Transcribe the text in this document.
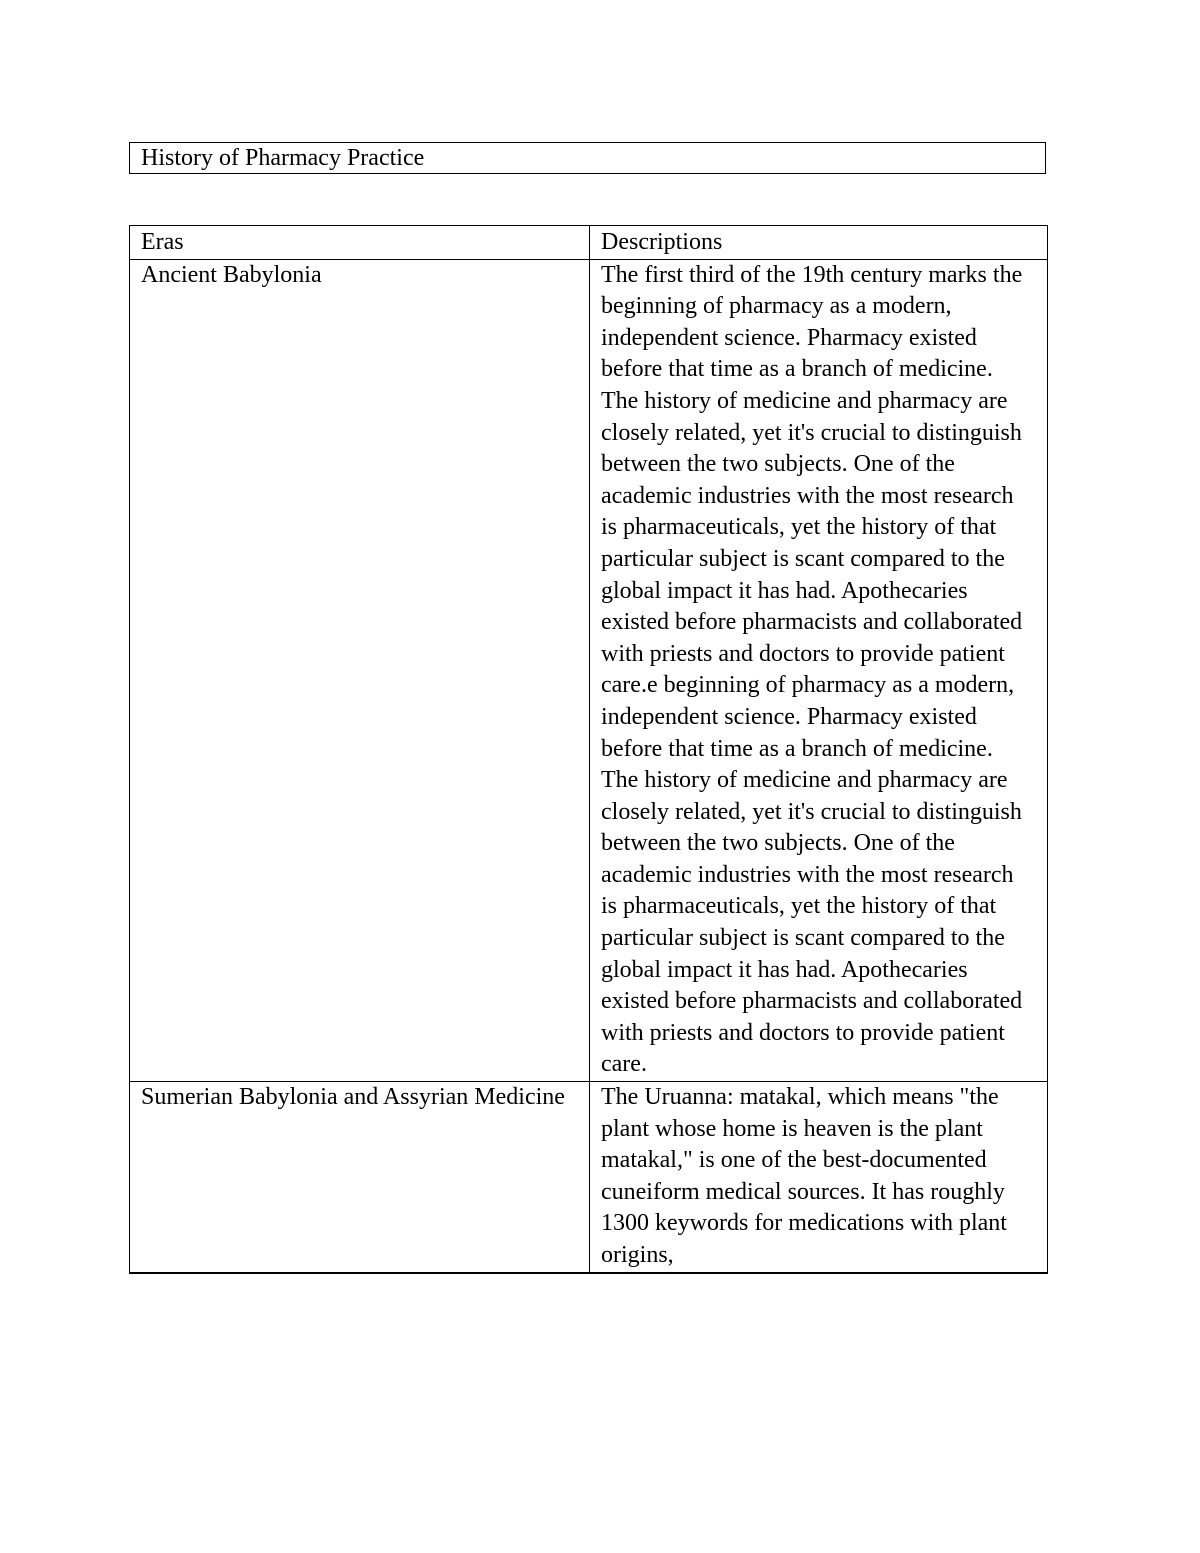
History of Pharmacy Practice
Eras	Descriptions
Ancient Babylonia	The first third of the 19th century marks the beginning of pharmacy as a modern, independent science. Pharmacy existed before that time as a branch of medicine. The history of medicine and pharmacy are closely related, yet it's crucial to distinguish between the two subjects. One of the academic industries with the most research is pharmaceuticals, yet the history of that particular subject is scant compared to the global impact it has had. Apothecaries existed before pharmacists and collaborated with priests and doctors to provide patient care.e beginning of pharmacy as a modern, independent science. Pharmacy existed before that time as a branch of medicine. The history of medicine and pharmacy are closely related, yet it's crucial to distinguish between the two subjects. One of the academic industries with the most research is pharmaceuticals, yet the history of that particular subject is scant compared to the global impact it has had. Apothecaries existed before pharmacists and collaborated with priests and doctors to provide patient care.
Sumerian Babylonia and Assyrian Medicine	The Uruanna: matakal, which means "the plant whose home is heaven is the plant matakal," is one of the best-documented cuneiform medical sources. It has roughly 1300 keywords for medications with plant origins,
